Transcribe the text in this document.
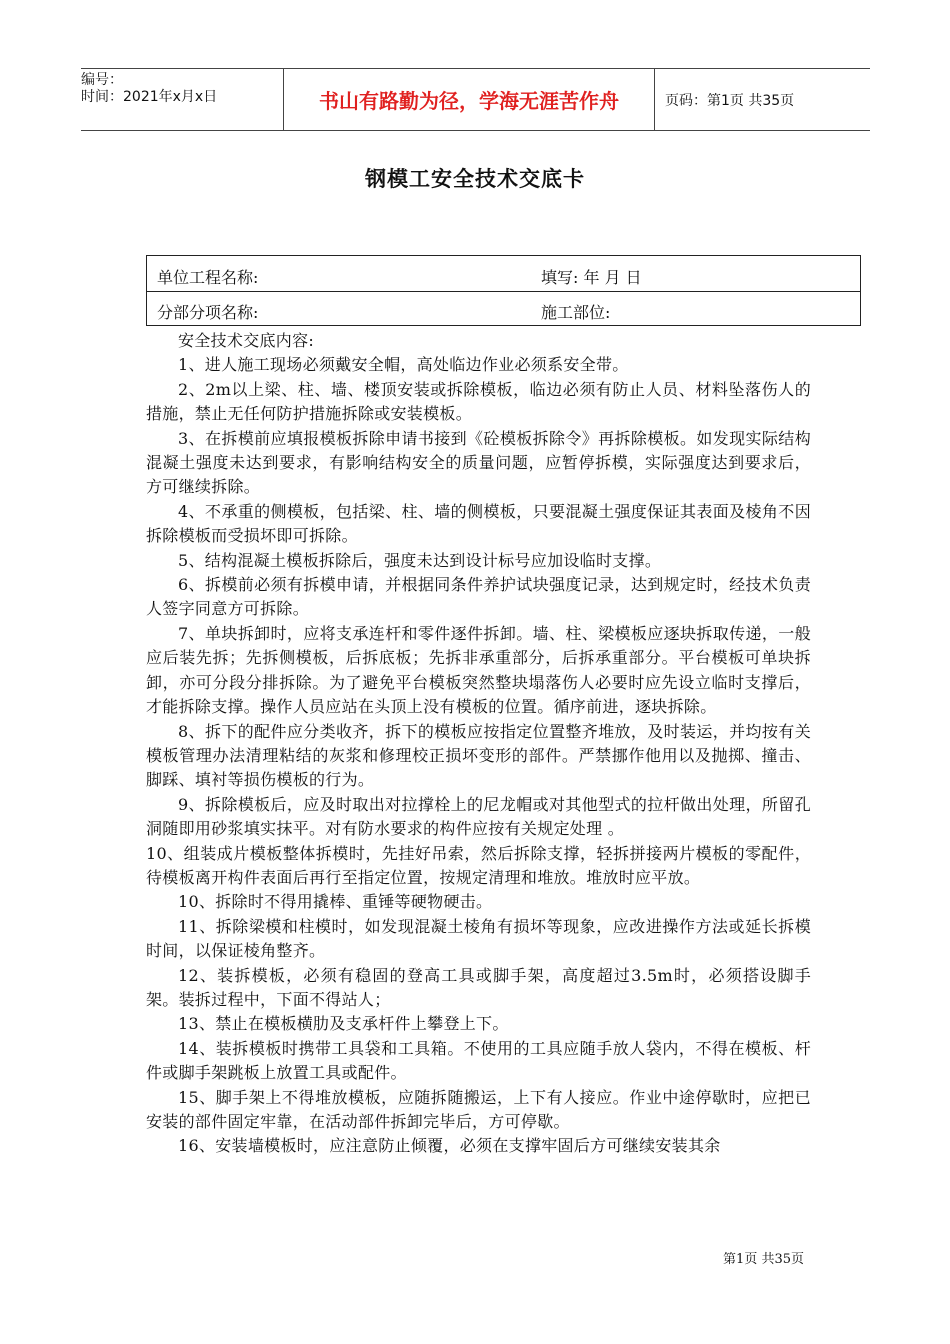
编号：
时间：2021年x月x日	书山有路勤为径，学海无涯苦作舟	页码：第1页 共35页
钢模工安全技术交底卡
单位工程名称:	填写: 年 月 日
分部分项名称:	施工部位:

安全技术交底内容:

1、进人施工现场必须戴安全帽，高处临边作业必须系安全带。

2、2m以上梁、柱、墙、楼顶安装或拆除模板，临边必须有防止人员、材料坠落伤人的措施，禁止无任何防护措施拆除或安装模板。

3、在拆模前应填报模板拆除申请书接到《砼模板拆除令》再拆除模板。如发现实际结构混凝土强度未达到要求，有影响结构安全的质量问题，应暂停拆模，实际强度达到要求后，方可继续拆除。

4、不承重的侧模板，包括梁、柱、墙的侧模板，只要混凝土强度保证其表面及棱角不因拆除模板而受损坏即可拆除。

5、结构混凝土模板拆除后，强度未达到设计标号应加设临时支撑。

6、拆模前必须有拆模申请，并根据同条件养护试块强度记录，达到规定时，经技术负责人签字同意方可拆除。

7、单块拆卸时，应将支承连杆和零件逐件拆卸。墙、柱、梁模板应逐块拆取传递，一般应后装先拆；先拆侧模板，后拆底板；先拆非承重部分，后拆承重部分。平台模板可单块拆卸，亦可分段分排拆除。为了避免平台模板突然整块塌落伤人必要时应先设立临时支撑后，才能拆除支撑。操作人员应站在头顶上没有模板的位置。循序前进，逐块拆除。

8、拆下的配件应分类收齐，拆下的模板应按指定位置整齐堆放，及时装运，并均按有关模板管理办法清理粘结的灰浆和修理校正损坏变形的部件。严禁挪作他用以及抛掷、撞击、脚踩、填衬等损伤模板的行为。

9、拆除模板后，应及时取出对拉撑栓上的尼龙帽或对其他型式的拉杆做出处理，所留孔洞随即用砂浆填实抹平。对有防水要求的构件应按有关规定处理 。

10、组装成片模板整体拆模时，先挂好吊索，然后拆除支撑，轻拆拼接两片模板的零配件，待模板离开构件表面后再行至指定位置，按规定清理和堆放。堆放时应平放。

10、拆除时不得用撬棒、重锤等硬物硬击。

11、拆除梁模和柱模时，如发现混凝土棱角有损坏等现象，应改进操作方法或延长拆模时间，以保证棱角整齐。

12、装拆模板，必须有稳固的登高工具或脚手架，高度超过3.5m时，必须搭设脚手架。装拆过程中，下面不得站人；

13、禁止在模板横肋及支承杆件上攀登上下。

14、装拆模板时携带工具袋和工具箱。不使用的工具应随手放人袋内，不得在模板、杆件或脚手架跳板上放置工具或配件。

15、脚手架上不得堆放模板，应随拆随搬运，上下有人接应。作业中途停歇时，应把已安装的部件固定牢靠，在活动部件拆卸完毕后，方可停歇。

16、安装墙模板时，应注意防止倾覆，必须在支撑牢固后方可继续安装其余

第1页 共35页
